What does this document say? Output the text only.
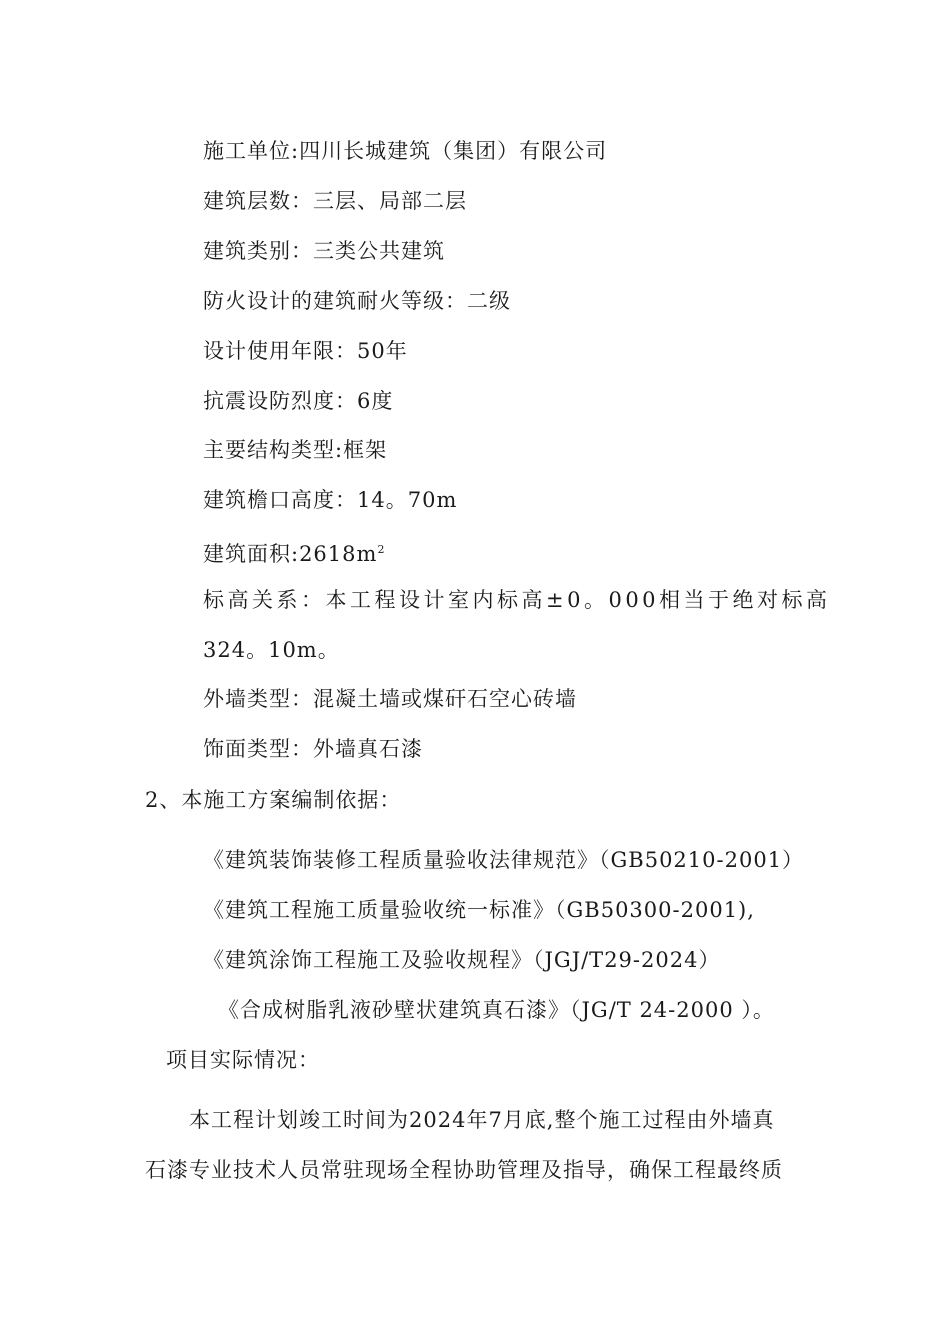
施工单位:四川长城建筑（集团）有限公司
建筑层数：三层、局部二层
建筑类别：三类公共建筑
防火设计的建筑耐火等级：二级
设计使用年限：50年
抗震设防烈度：6度
主要结构类型:框架
建筑檐口高度：14。70m
建筑面积$:2618m^2$
标高关系：本工程设计室内标高±0。000相当于绝对标高
324。10m。
外墙类型：混凝土墙或煤矸石空心砖墙
饰面类型：外墙真石漆
2、本施工方案编制依据：
《建筑装饰装修工程质量验收法律规范》（GB50210-2001）
《建筑工程施工质量验收统一标准》（GB50300-2001),
《建筑涂饰工程施工及验收规程》（JGJ/T29-2024）
《合成树脂乳液砂壁状建筑真石漆》（JG/T 24-2000 ）。
项目实际情况：
本工程计划竣工时间为2024年7月底,整个施工过程由外墙真
石漆专业技术人员常驻现场全程协助管理及指导，确保工程最终质
